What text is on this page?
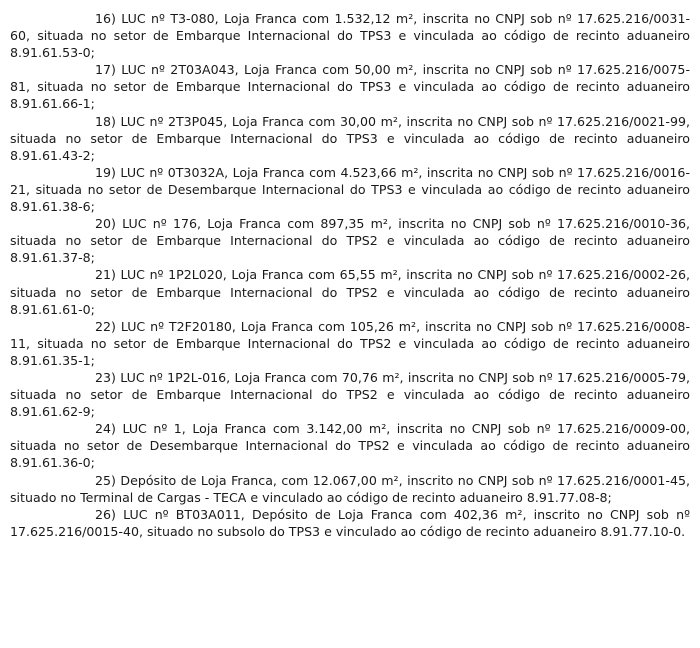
16) LUC nº T3-080, Loja Franca com 1.532,12 m², inscrita no CNPJ sob nº 17.625.216/0031-60, situada no setor de Embarque Internacional do TPS3 e vinculada ao código de recinto aduaneiro 8.91.61.53-0;

17) LUC nº 2T03A043, Loja Franca com 50,00 m², inscrita no CNPJ sob nº 17.625.216/0075-81, situada no setor de Embarque Internacional do TPS3 e vinculada ao código de recinto aduaneiro 8.91.61.66-1;

18) LUC nº 2T3P045, Loja Franca com 30,00 m², inscrita no CNPJ sob nº 17.625.216/0021-99, situada no setor de Embarque Internacional do TPS3 e vinculada ao código de recinto aduaneiro 8.91.61.43-2;

19) LUC nº 0T3032A, Loja Franca com 4.523,66 m², inscrita no CNPJ sob nº 17.625.216/0016-21, situada no setor de Desembarque Internacional do TPS3 e vinculada ao código de recinto aduaneiro 8.91.61.38-6;

20) LUC nº 176, Loja Franca com 897,35 m², inscrita no CNPJ sob nº 17.625.216/0010-36, situada no setor de Embarque Internacional do TPS2 e vinculada ao código de recinto aduaneiro 8.91.61.37-8;

21) LUC nº 1P2L020, Loja Franca com 65,55 m², inscrita no CNPJ sob nº 17.625.216/0002-26, situada no setor de Embarque Internacional do TPS2 e vinculada ao código de recinto aduaneiro 8.91.61.61-0;

22) LUC nº T2F20180, Loja Franca com 105,26 m², inscrita no CNPJ sob nº 17.625.216/0008-11, situada no setor de Embarque Internacional do TPS2 e vinculada ao código de recinto aduaneiro 8.91.61.35-1;

23) LUC nº 1P2L-016, Loja Franca com 70,76 m², inscrita no CNPJ sob nº 17.625.216/0005-79, situada no setor de Embarque Internacional do TPS2 e vinculada ao código de recinto aduaneiro 8.91.61.62-9;

24) LUC nº 1, Loja Franca com 3.142,00 m², inscrita no CNPJ sob nº 17.625.216/0009-00, situada no setor de Desembarque Internacional do TPS2 e vinculada ao código de recinto aduaneiro 8.91.61.36-0;

25) Depósito de Loja Franca, com 12.067,00 m², inscrito no CNPJ sob nº 17.625.216/0001-45, situado no Terminal de Cargas - TECA e vinculado ao código de recinto aduaneiro 8.91.77.08-8;

26) LUC nº BT03A011, Depósito de Loja Franca com 402,36 m², inscrito no CNPJ sob nº 17.625.216/0015-40, situado no subsolo do TPS3 e vinculado ao código de recinto aduaneiro 8.91.77.10-0.
